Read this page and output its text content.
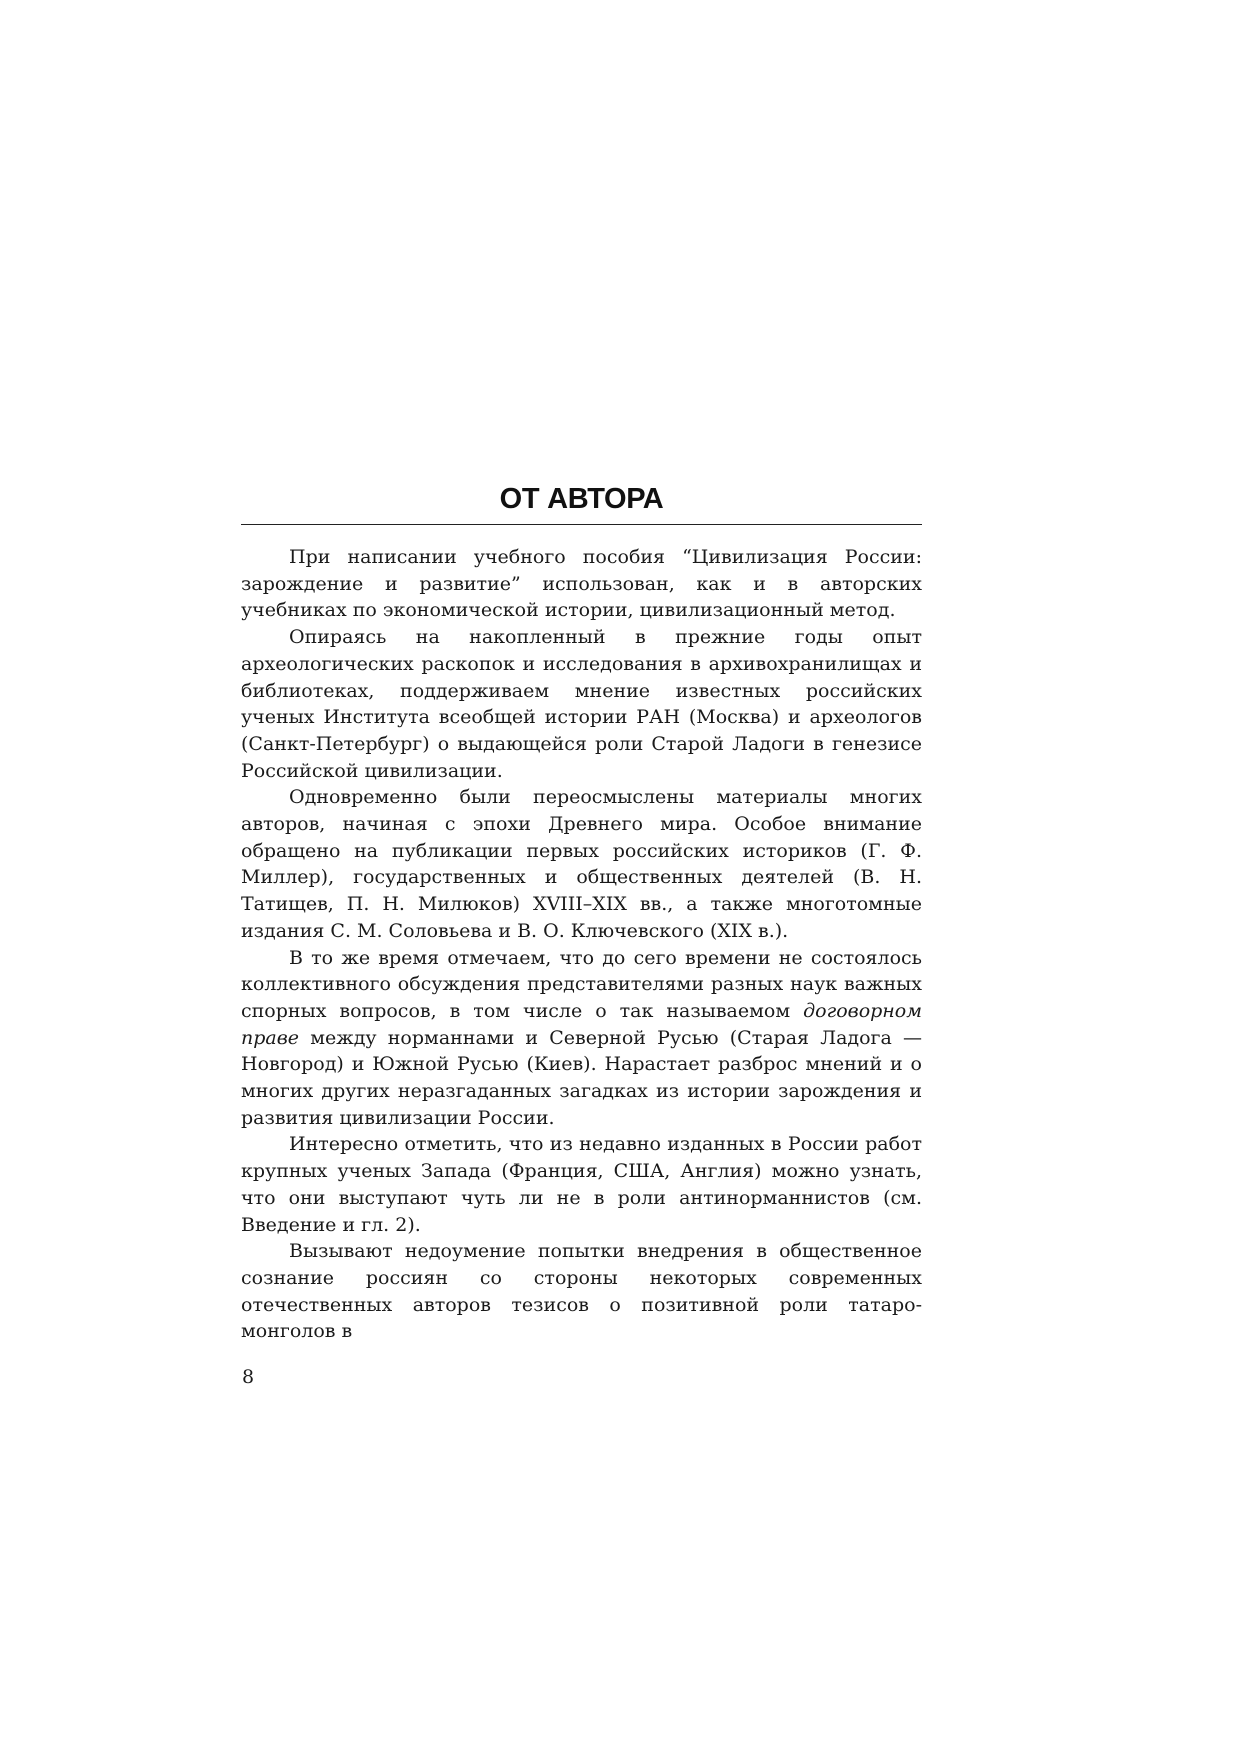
ОТ АВТОРА

При написании учебного пособия “Цивилизация России: зарождение и развитие” использован, как и в авторских учебниках по экономической истории, цивилизационный метод.

Опираясь на накопленный в прежние годы опыт археологических раскопок и исследования в архивохранилищах и библиотеках, поддерживаем мнение известных российских ученых Института всеобщей истории РАН (Москва) и археологов (Санкт-Петербург) о выдающейся роли Старой Ладоги в генезисе Российской цивилизации.

Одновременно были переосмыслены материалы многих авторов, начиная с эпохи Древнего мира. Особое внимание обращено на публикации первых российских историков (Г. Ф. Миллер), государственных и общественных деятелей (В. Н. Татищев, П. Н. Милюков) XVIII–XIX вв., а также многотомные издания С. М. Соловьева и В. О. Ключевского (XIX в.).

В то же время отмечаем, что до сего времени не состоялось коллективного обсуждения представителями разных наук важных спорных вопросов, в том числе о так называемом договорном праве между норманнами и Северной Русью (Старая Ладога — Новгород) и Южной Русью (Киев). Нарастает разброс мнений и о многих других неразгаданных загадках из истории зарождения и развития цивилизации России.

Интересно отметить, что из недавно изданных в России работ крупных ученых Запада (Франция, США, Англия) можно узнать, что они выступают чуть ли не в роли антинорманнистов (см. Введение и гл. 2).

Вызывают недоумение попытки внедрения в общественное сознание россиян со стороны некоторых современных отечественных авторов тезисов о позитивной роли татаро-монголов в

8
